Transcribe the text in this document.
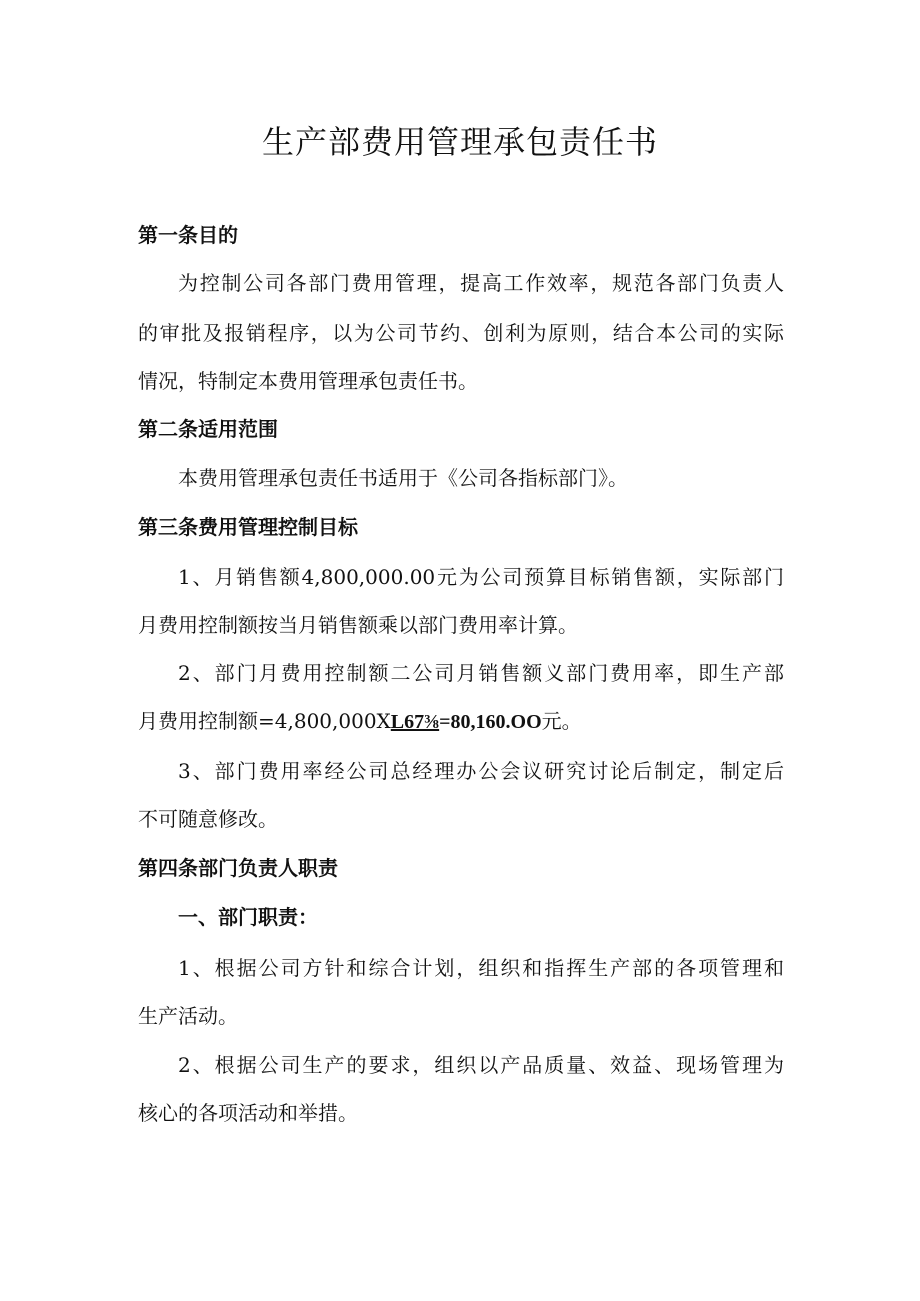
生产部费用管理承包责任书
第一条目的
为控制公司各部门费用管理，提高工作效率，规范各部门负责人
的审批及报销程序，以为公司节约、创利为原则，结合本公司的实际
情况，特制定本费用管理承包责任书。
第二条适用范围
本费用管理承包责任书适用于《公司各指标部门》。
第三条费用管理控制目标
1、月销售额4,800,000.00元为公司预算目标销售额，实际部门
月费用控制额按当月销售额乘以部门费用率计算。
2、部门月费用控制额二公司月销售额义部门费用率，即生产部
月费用控制额=4,800,000XL67⅜=80,160.OO元。
3、部门费用率经公司总经理办公会议研究讨论后制定，制定后
不可随意修改。
第四条部门负责人职责
一、部门职责：
1、根据公司方针和综合计划，组织和指挥生产部的各项管理和
生产活动。
2、根据公司生产的要求，组织以产品质量、效益、现场管理为
核心的各项活动和举措。
